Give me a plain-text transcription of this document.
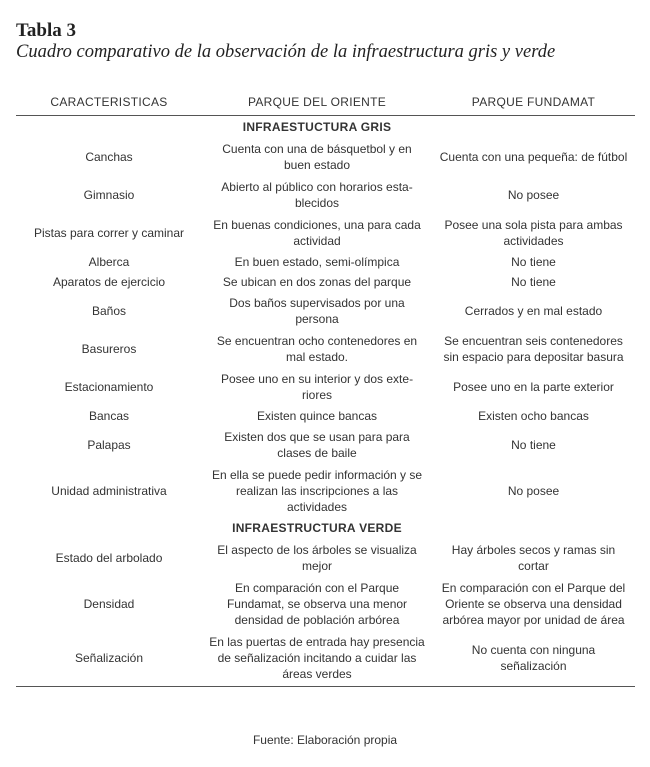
Tabla 3
Cuadro comparativo de la observación de la infraestructura gris y verde
CARACTERISTICAS	PARQUE DEL ORIENTE	PARQUE FUNDAMAT
	INFRAESTUCTURA GRIS	
Canchas	Cuenta con una de básquetbol y en buen estado	Cuenta con una pequeña: de fútbol
Gimnasio	Abierto al público con horarios establecidos	No posee
Pistas para correr y caminar	En buenas condiciones, una para cada actividad	Posee una sola pista para ambas actividades
Alberca	En buen estado, semi-olímpica	No tiene
Aparatos de ejercicio	Se ubican en dos zonas del parque	No tiene
Baños	Dos baños supervisados por una persona	Cerrados y en mal estado
Basureros	Se encuentran ocho contenedores en mal estado.	Se encuentran seis contenedores sin espacio para depositar basura
Estacionamiento	Posee uno en su interior y dos exteriores	Posee uno en la parte exterior
Bancas	Existen quince bancas	Existen ocho bancas
Palapas	Existen dos que se usan para para clases de baile	No tiene
Unidad administrativa	En ella se puede pedir información y se realizan las inscripciones a las actividades	No posee
	INFRAESTRUCTURA VERDE	
Estado del arbolado	El aspecto de los árboles se visualiza mejor	Hay árboles secos y ramas sin cortar
Densidad	En comparación con el Parque Fundamat, se observa una menor densidad de población arbórea	En comparación con el Parque del Oriente se observa una densidad arbórea mayor por unidad de área
Señalización	En las puertas de entrada hay presencia de señalización incitando a cuidar las áreas verdes	No cuenta con ninguna señalización
Fuente: Elaboración propia
